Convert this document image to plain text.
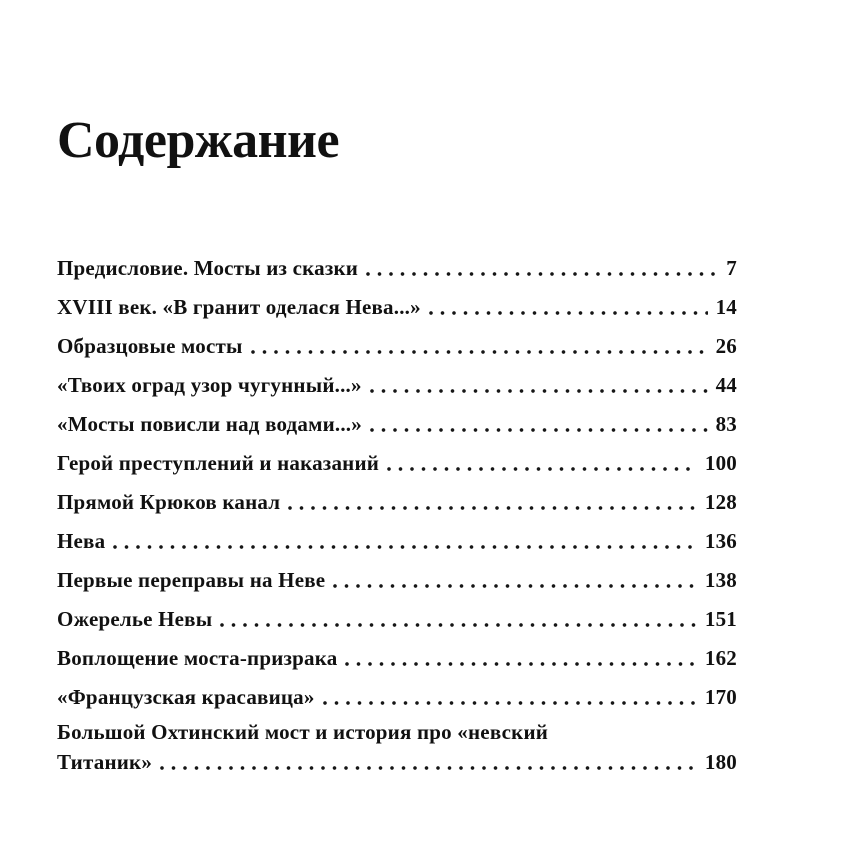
Содержание
Предисловие. Мосты из сказки	7
XVIII век. «В гранит оделася Нева...»	14
Образцовые мосты	26
«Твоих оград узор чугунный...»	44
«Мосты повисли над водами...»	83
Герой преступлений и наказаний	100
Прямой Крюков канал	128
Нева	136
Первые переправы на Неве	138
Ожерелье Невы	151
Воплощение моста-призрака	162
«Французская красавица»	170
Большой Охтинский мост и история про «невский
Титаник»	180
